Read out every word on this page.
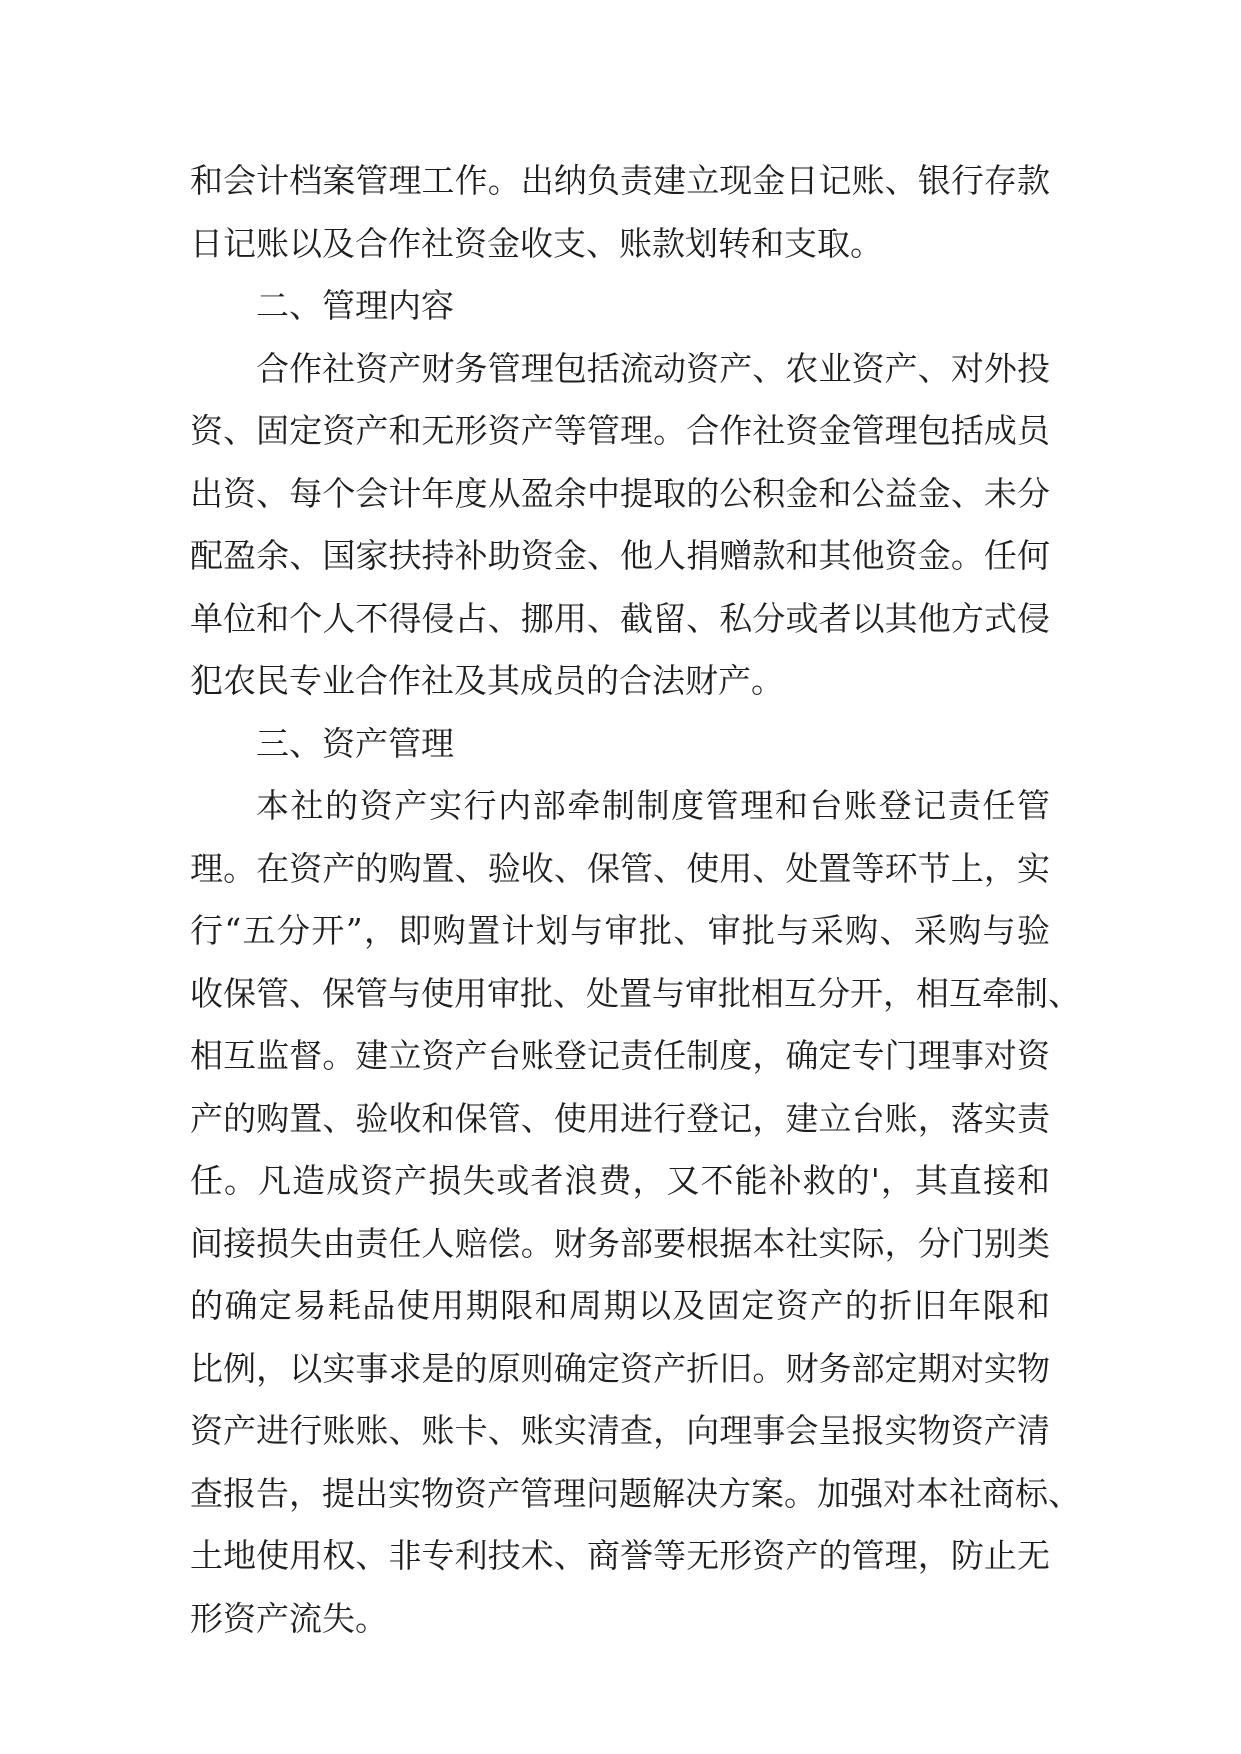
和会计档案管理工作。出纳负责建立现金日记账、银行存款
日记账以及合作社资金收支、账款划转和支取。
二、管理内容
合作社资产财务管理包括流动资产、农业资产、对外投
资、固定资产和无形资产等管理。合作社资金管理包括成员
出资、每个会计年度从盈余中提取的公积金和公益金、未分
配盈余、国家扶持补助资金、他人捐赠款和其他资金。任何
单位和个人不得侵占、挪用、截留、私分或者以其他方式侵
犯农民专业合作社及其成员的合法财产。
三、资产管理
本社的资产实行内部牵制制度管理和台账登记责任管
理。在资产的购置、验收、保管、使用、处置等环节上，实
行“五分开”，即购置计划与审批、审批与采购、采购与验
收保管、保管与使用审批、处置与审批相互分开，相互牵制、
相互监督。建立资产台账登记责任制度，确定专门理事对资
产的购置、验收和保管、使用进行登记，建立台账，落实责
任。凡造成资产损失或者浪费，又不能补救的'，其直接和
间接损失由责任人赔偿。财务部要根据本社实际，分门别类
的确定易耗品使用期限和周期以及固定资产的折旧年限和
比例，以实事求是的原则确定资产折旧。财务部定期对实物
资产进行账账、账卡、账实清查，向理事会呈报实物资产清
查报告，提出实物资产管理问题解决方案。加强对本社商标、
土地使用权、非专利技术、商誉等无形资产的管理，防止无
形资产流失。
